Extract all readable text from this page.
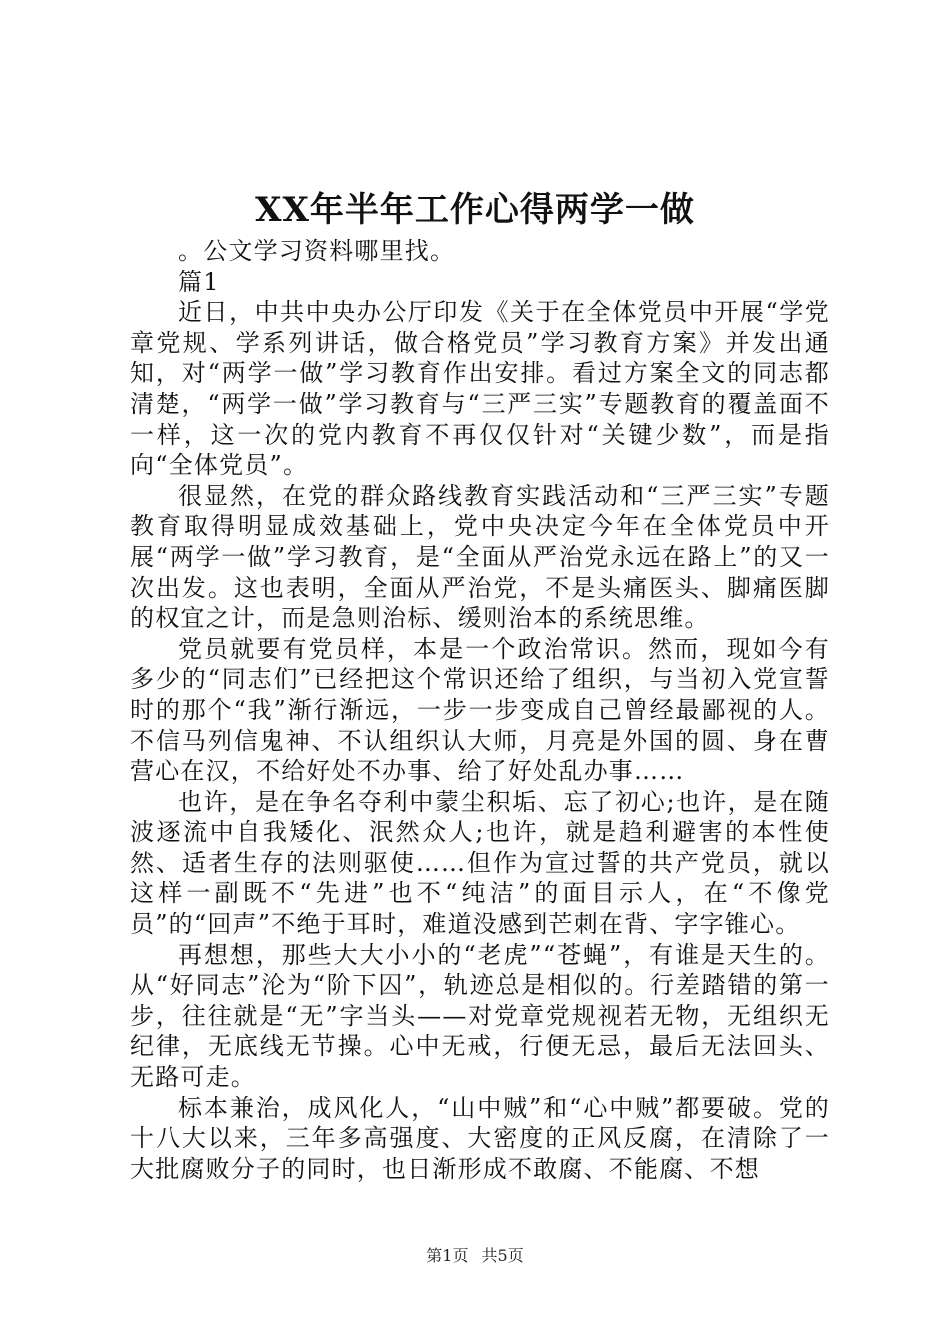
XX年半年工作心得两学一做

。公文学习资料哪里找。

篇1

近日，中共中央办公厅印发《关于在全体党员中开展“学党章党规、学系列讲话，做合格党员”学习教育方案》并发出通知，对“两学一做”学习教育作出安排。看过方案全文的同志都清楚，“两学一做”学习教育与“三严三实”专题教育的覆盖面不一样，这一次的党内教育不再仅仅针对“关键少数”，而是指向“全体党员”。

很显然，在党的群众路线教育实践活动和“三严三实”专题教育取得明显成效基础上，党中央决定今年在全体党员中开展“两学一做”学习教育，是“全面从严治党永远在路上”的又一次出发。这也表明，全面从严治党，不是头痛医头、脚痛医脚的权宜之计，而是急则治标、缓则治本的系统思维。

党员就要有党员样，本是一个政治常识。然而，现如今有多少的“同志们”已经把这个常识还给了组织，与当初入党宣誓时的那个“我”渐行渐远，一步一步变成自己曾经最鄙视的人。不信马列信鬼神、不认组织认大师，月亮是外国的圆、身在曹营心在汉，不给好处不办事、给了好处乱办事……

也许，是在争名夺利中蒙尘积垢、忘了初心;也许，是在随波逐流中自我矮化、泯然众人;也许，就是趋利避害的本性使然、适者生存的法则驱使……但作为宣过誓的共产党员，就以这样一副既不“先进”也不“纯洁”的面目示人，在“不像党员”的“回声”不绝于耳时，难道没感到芒刺在背、字字锥心。

再想想，那些大大小小的“老虎”“苍蝇”，有谁是天生的。从“好同志”沦为“阶下囚”，轨迹总是相似的。行差踏错的第一步，往往就是“无”字当头——对党章党规视若无物，无组织无纪律，无底线无节操。心中无戒，行便无忌，最后无法回头、无路可走。

标本兼治，成风化人，“山中贼”和“心中贼”都要破。党的十八大以来，三年多高强度、大密度的正风反腐，在清除了一大批腐败分子的同时，也日渐形成不敢腐、不能腐、不想

第1页 共5页
